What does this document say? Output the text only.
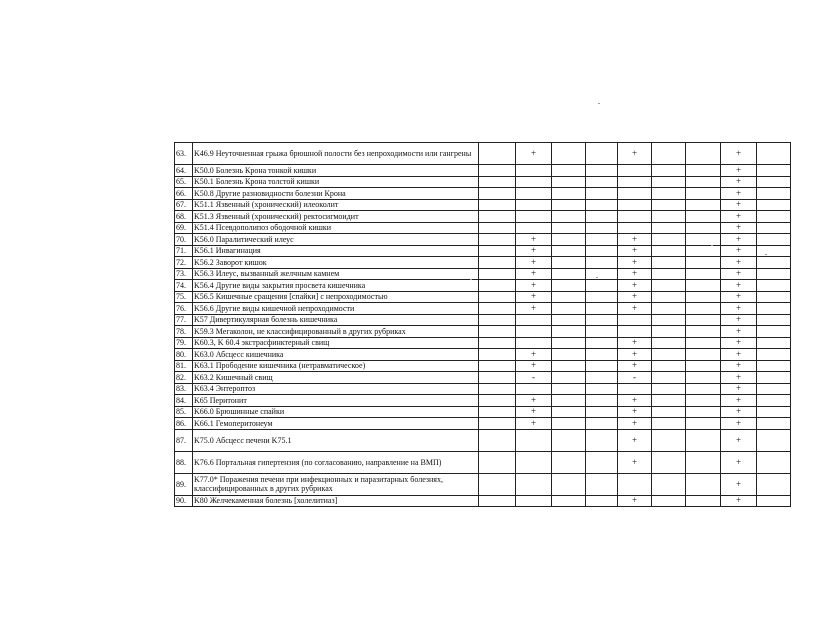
63.	K46.9 Неуточненная грыжа брюшной полости без непроходимости или гангрены		+			+			+	
64.	K50.0 Болезнь Крона тонкой кишки								+	
65.	K50.1 Болезнь Крона толстой кишки								+	
66.	K50.8 Другие разновидности болезни Крона								+	
67.	K51.1 Язвенный (хронический) илеоколит								+	
68.	K51.3 Язвенный (хронический) ректосигмоидит								+	
69.	K51.4 Псевдополипоз ободочной кишки								+	
70.	K56.0 Паралитический илеус		+			+			+	
71.	K56.1 Инвагинация		+			+			+	
72.	K56.2 Заворот кишок		+			+			+	
73.	K56.3 Илеус, вызванный желчным камнем		+			+			+	
74.	K56.4 Другие виды закрытия просвета кишечника		+			+			+	
75.	K56.5 Кишечные сращения [спайки] с непроходимостью		+			+			+	
76.	K56.6 Другие виды кишечной непроходимости		+			+			+	
77.	K57 Дивертикулярная болезнь кишечника								+	
78.	K59.3 Мегаколон, не классифицированный в других рубриках								+	
79.	K60.3, K 60.4 экстрасфинктерный свищ					+			+	
80.	K63.0 Абсцесс кишечника		+			+			+	
81.	K63.1 Прободение кишечника (нетравматическое)		+			+			+	
82.	K63.2 Кишечный свищ		-			-			+	
83.	K63.4 Энтероптоз								+	
84.	K65 Перитонит		+			+			+	
85.	K66.0 Брюшинные спайки		+			+			+	
86.	K66.1 Гемоперитонеум		+			+			+	
87.	K75.0 Абсцесс печени K75.1					+			+	
88.	K76.6 Портальная гипертензия (по согласованию, направление на ВМП)					+			+	
89.	K77.0* Поражения печени при инфекционных и паразитарных болезнях, классифицированных в других рубриках								+	
90.	K80 Желчекаменная болезнь [холелитиаз]					+			+	
